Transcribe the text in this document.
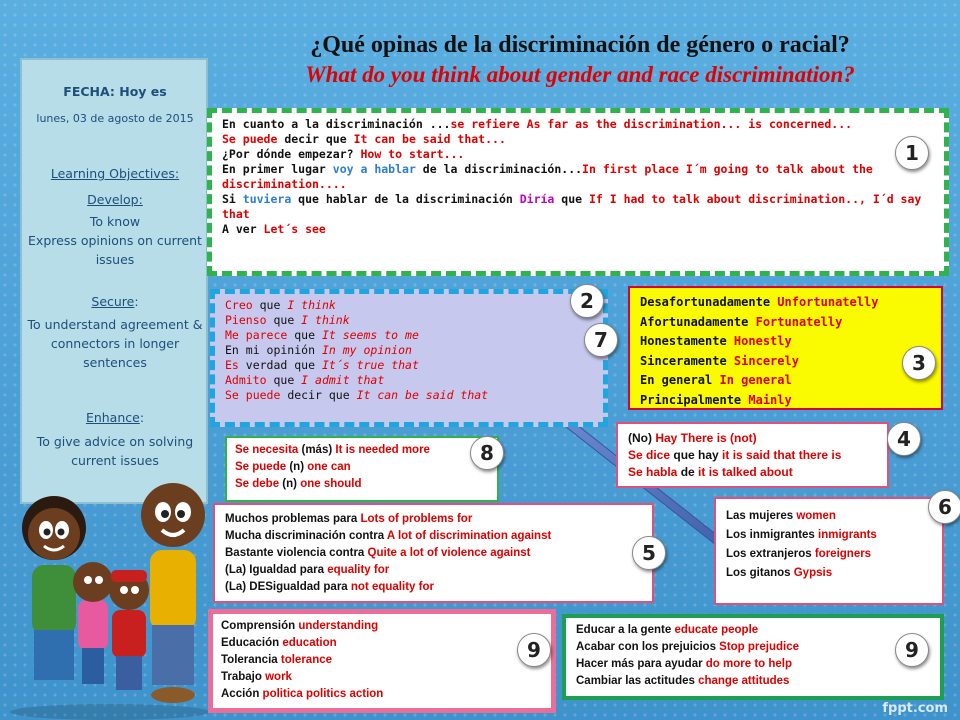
¿Qué opinas de la discriminación de género o racial?
What do you think about gender and race discrimination?
FECHA: Hoy es
lunes, 03 de agosto de 2015
Learning Objectives:
Develop:
To know
Express opinions on current issues
Secure:
To understand agreement & connectors in longer sentences
Enhance:
To give advice on solving current issues
En cuanto a la discriminación ...se refiere As far as the discrimination... is concerned...
Se puede decir que It can be said that...
¿Por dónde empezar? How to start...
En primer lugar voy a hablar de la discriminación...In first place I´m going to talk about the discrimination....
Si tuviera que hablar de la discriminación Diría que If I had to talk about discrimination.., I´d say that
A ver Let´s see
1
Creo que I think
Pienso que I think
Me parece que It seems to me
En mi opinión In my opinion
Es verdad que It´s true that
Admito que I admit that
Se puede decir que It can be said that
2
7
Desafortunadamente Unfortunatelly
Afortunadamente Fortunatelly
Honestamente Honestly
Sinceramente Sincerely
En general In general
Principalmente Mainly
3
(No) Hay There is (not)
Se dice que hay it is said that there is
Se habla de it is talked about
4
Se necesita (más) It is needed more
Se puede (n) one can
Se debe (n) one should
8
Muchos problemas para Lots of problems for
Mucha discriminación contra A lot of discrimination against
Bastante violencia contra Quite a lot of violence against
(La) Igualdad para equality for
(La) DESigualdad para not equality for
5
Las mujeres women
Los inmigrantes inmigrants
Los extranjeros foreigners
Los gitanos Gypsis
6
Comprensión understanding
Educación education
Tolerancia tolerance
Trabajo work
Acción politica politics action
9
Educar a la gente educate people
Acabar con los prejuicios Stop prejudice
Hacer más para ayudar do more to help
Cambiar las actitudes change attitudes
9
fppt.com
